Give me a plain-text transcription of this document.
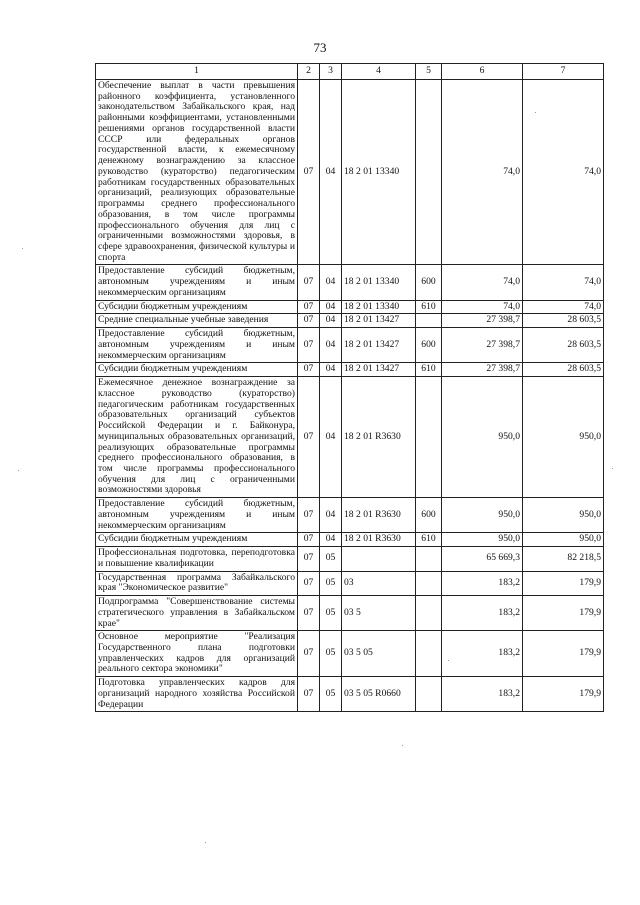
73
1	2	3	4	5	6	7
Обеспечение выплат в части превышения районного коэффициента, установленного законодательством Забайкальского края, над районными коэффициентами, установленными решениями органов государственной власти СССР или федеральных органов государственной власти, к ежемесячному денежному вознаграждению за классное руководство (кураторство) педагогическим работникам государственных образовательных организаций, реализующих образовательные программы среднего профессионального образования, в том числе программы профессионального обучения для лиц с ограниченными возможностями здоровья, в сфере здравоохранения, физической культуры и спорта	07	04	18 2 01 13340		74,0	74,0
Предоставление субсидий бюджетным, автономным учреждениям и иным некоммерческим организациям	07	04	18 2 01 13340	600	74,0	74,0
Субсидии бюджетным учреждениям	07	04	18 2 01 13340	610	74,0	74,0
Средние специальные учебные заведения	07	04	18 2 01 13427		27 398,7	28 603,5
Предоставление субсидий бюджетным, автономным учреждениям и иным некоммерческим организациям	07	04	18 2 01 13427	600	27 398,7	28 603,5
Субсидии бюджетным учреждениям	07	04	18 2 01 13427	610	27 398,7	28 603,5
Ежемесячное денежное вознаграждение за классное руководство (кураторство) педагогическим работникам государственных образовательных организаций субъектов Российской Федерации и г. Байконура, муниципальных образовательных организаций, реализующих образовательные программы среднего профессионального образования, в том числе программы профессионального обучения для лиц с ограниченными возможностями здоровья	07	04	18 2 01 R3630		950,0	950,0
Предоставление субсидий бюджетным, автономным учреждениям и иным некоммерческим организациям	07	04	18 2 01 R3630	600	950,0	950,0
Субсидии бюджетным учреждениям	07	04	18 2 01 R3630	610	950,0	950,0
Профессиональная подготовка, переподготовка и повышение квалификации	07	05			65 669,3	82 218,5
Государственная программа Забайкальского края "Экономическое развитие"	07	05	03		183,2	179,9
Подпрограмма "Совершенствование системы стратегического управления в Забайкальском крае"	07	05	03 5		183,2	179,9
Основное мероприятие "Реализация Государственного плана подготовки управленческих кадров для организаций реального сектора экономики"	07	05	03 5 05		183,2	179,9
Подготовка управленческих кадров для организаций народного хозяйства Российской Федерации	07	05	03 5 05 R0660		183,2	179,9
